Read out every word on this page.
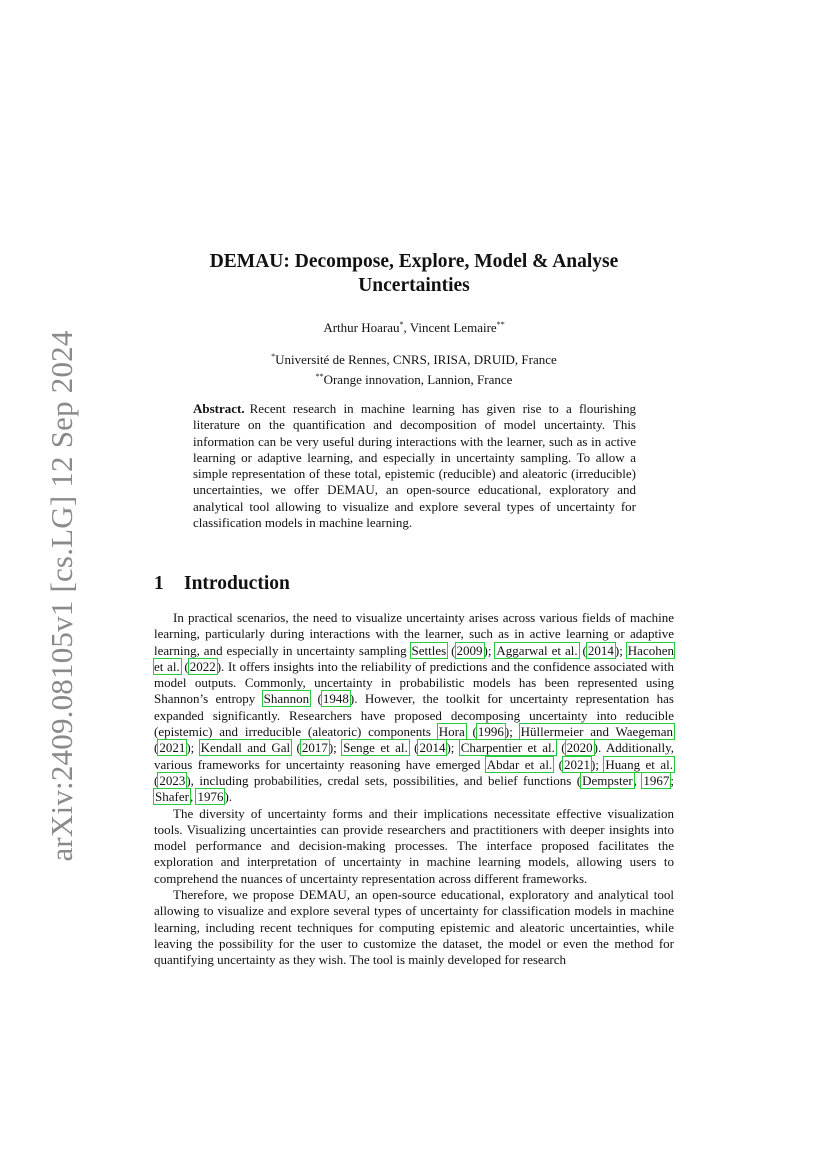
arXiv:2409.08105v1 [cs.LG] 12 Sep 2024
DEMAU: Decompose, Explore, Model & Analyse
Uncertainties
Arthur Hoarau*, Vincent Lemaire**
*Université de Rennes, CNRS, IRISA, DRUID, France
**Orange innovation, Lannion, France
Abstract. Recent research in machine learning has given rise to a flourishing literature on the quantification and decomposition of model uncertainty. This information can be very useful during interactions with the learner, such as in active learning or adaptive learning, and especially in uncertainty sampling. To allow a simple representation of these total, epistemic (reducible) and aleatoric (irreducible) uncertainties, we offer DEMAU, an open-source educational, exploratory and analytical tool allowing to visualize and explore several types of uncertainty for classification models in machine learning.
1 Introduction

In practical scenarios, the need to visualize uncertainty arises across various fields of machine learning, particularly during interactions with the learner, such as in active learning or adaptive learning, and especially in uncertainty sampling Settles (2009); Aggarwal et al. (2014); Hacohen et al. (2022). It offers insights into the reliability of predictions and the confidence associated with model outputs. Commonly, uncertainty in probabilistic models has been represented using Shannon’s entropy Shannon (1948). However, the toolkit for uncertainty representation has expanded significantly. Researchers have proposed decomposing uncertainty into reducible (epistemic) and irreducible (aleatoric) components Hora (1996); Hüllermeier and Waegeman (2021); Kendall and Gal (2017); Senge et al. (2014); Charpentier et al. (2020). Additionally, various frameworks for uncertainty reasoning have emerged Abdar et al. (2021); Huang et al. (2023), including probabilities, credal sets, possibilities, and belief functions (Dempster, 1967; Shafer, 1976).

The diversity of uncertainty forms and their implications necessitate effective visualization tools. Visualizing uncertainties can provide researchers and practitioners with deeper insights into model performance and decision-making processes. The interface proposed facilitates the exploration and interpretation of uncertainty in machine learning models, allowing users to comprehend the nuances of uncertainty representation across different frameworks.

Therefore, we propose DEMAU, an open-source educational, exploratory and analytical tool allowing to visualize and explore several types of uncertainty for classification models in machine learning, including recent techniques for computing epistemic and aleatoric uncertainties, while leaving the possibility for the user to customize the dataset, the model or even the method for quantifying uncertainty as they wish. The tool is mainly developed for research
